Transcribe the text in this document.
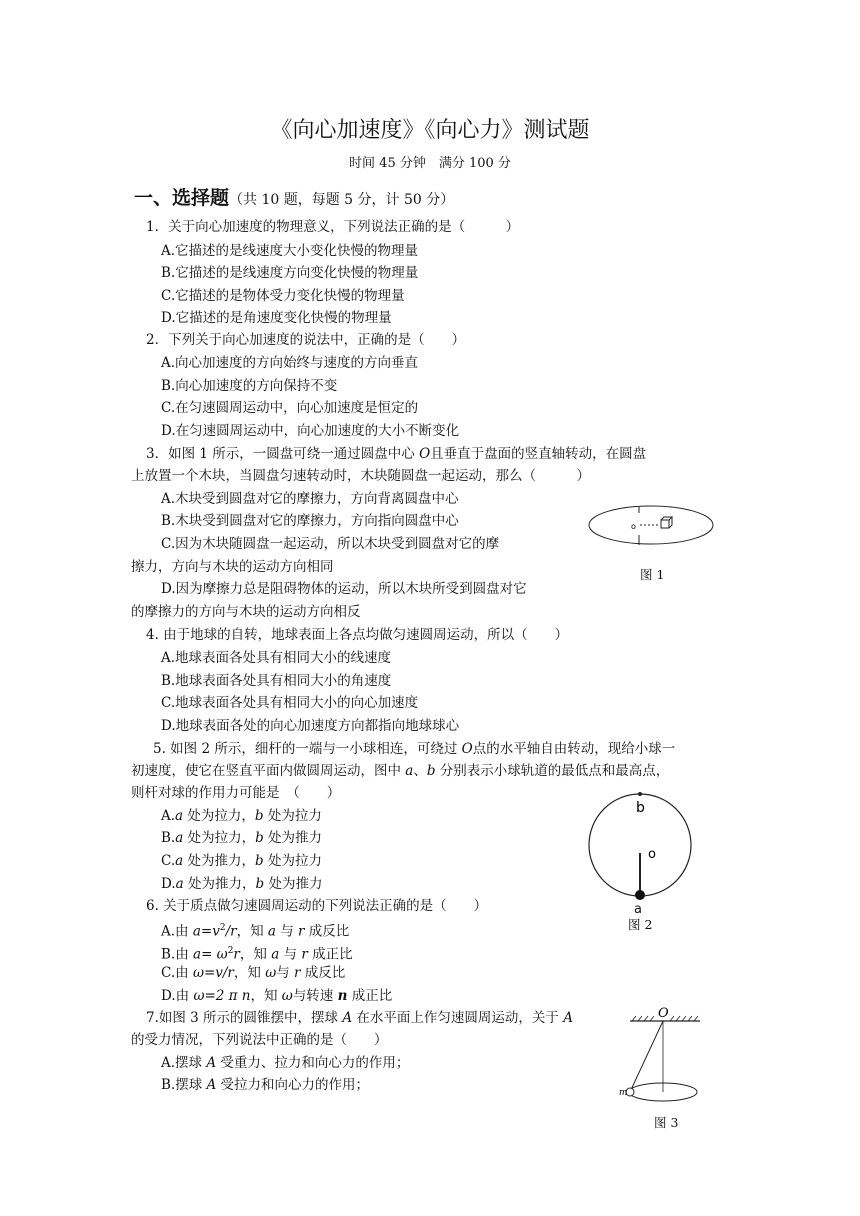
《向心加速度》《向心力》测试题
时间 45 分钟　满分 100 分
一、选择题（共 10 题，每题 5 分，计 50 分）
1．关于向心加速度的物理意义，下列说法正确的是（　　　）
A.它描述的是线速度大小变化快慢的物理量
B.它描述的是线速度方向变化快慢的物理量
C.它描述的是物体受力变化快慢的物理量
D.它描述的是角速度变化快慢的物理量
2．下列关于向心加速度的说法中，正确的是（　　）
A.向心加速度的方向始终与速度的方向垂直
B.向心加速度的方向保持不变
C.在匀速圆周运动中，向心加速度是恒定的
D.在匀速圆周运动中，向心加速度的大小不断变化
3．如图 1 所示，一圆盘可绕一通过圆盘中心 O且垂直于盘面的竖直轴转动，在圆盘
上放置一个木块，当圆盘匀速转动时，木块随圆盘一起运动，那么（　　　）
A.木块受到圆盘对它的摩擦力，方向背离圆盘中心
B.木块受到圆盘对它的摩擦力，方向指向圆盘中心
C.因为木块随圆盘一起运动，所以木块受到圆盘对它的摩
擦力，方向与木块的运动方向相同
D.因为摩擦力总是阻碍物体的运动，所以木块所受到圆盘对它
的摩擦力的方向与木块的运动方向相反
o
图 1
4. 由于地球的自转，地球表面上各点均做匀速圆周运动，所以（　　）
A.地球表面各处具有相同大小的线速度
B.地球表面各处具有相同大小的角速度
C.地球表面各处具有相同大小的向心加速度
D.地球表面各处的向心加速度方向都指向地球球心
5. 如图 2 所示，细杆的一端与一小球相连，可绕过 O点的水平轴自由转动，现给小球一
初速度，使它在竖直平面内做圆周运动，图中 a、b 分别表示小球轨道的最低点和最高点，
则杆对球的作用力可能是　（　　）
A.a 处为拉力，b 处为拉力
B.a 处为拉力，b 处为推力
C.a 处为推力，b 处为拉力
D.a 处为推力，b 处为推力
b
o
a
图 2
6. 关于质点做匀速圆周运动的下列说法正确的是（　　）
A.由 $a=v^2/r$，知 a 与 r 成反比
B.由 $a= \omega^2r$，知 a 与 r 成正比
C.由 ω=v/r，知 ω与 r 成反比
D.由 ω=2 π n，知 ω与转速 n 成正比
7.如图 3 所示的圆锥摆中，摆球 A 在水平面上作匀速圆周运动，关于 A
的受力情况，下列说法中正确的是（　　）
A.摆球 A 受重力、拉力和向心力的作用；
B.摆球 A 受拉力和向心力的作用；
O
m
图 3
